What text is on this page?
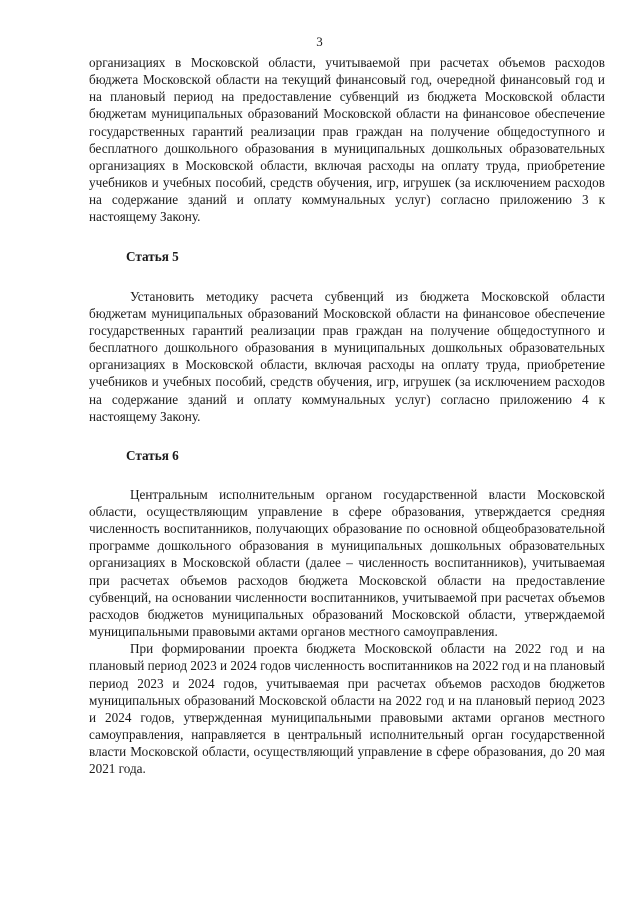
3

организациях в Московской области, учитываемой при расчетах объемов расходов бюджета Московской области на текущий финансовый год, очередной финансовый год и на плановый период на предоставление субвенций из бюджета Московской области бюджетам муниципальных образований Московской области на финансовое обеспечение государственных гарантий реализации прав граждан на получение общедоступного и бесплатного дошкольного образования в муниципальных дошкольных образовательных организациях в Московской области, включая расходы на оплату труда, приобретение учебников и учебных пособий, средств обучения, игр, игрушек (за исключением расходов на содержание зданий и оплату коммунальных услуг) согласно приложению 3 к настоящему Закону.

Статья 5

Установить методику расчета субвенций из бюджета Московской области бюджетам муниципальных образований Московской области на финансовое обеспечение государственных гарантий реализации прав граждан на получение общедоступного и бесплатного дошкольного образования в муниципальных дошкольных образовательных организациях в Московской области, включая расходы на оплату труда, приобретение учебников и учебных пособий, средств обучения, игр, игрушек (за исключением расходов на содержание зданий и оплату коммунальных услуг) согласно приложению 4 к настоящему Закону.

Статья 6

Центральным исполнительным органом государственной власти Московской области, осуществляющим управление в сфере образования, утверждается средняя численность воспитанников, получающих образование по основной общеобразовательной программе дошкольного образования в муниципальных дошкольных образовательных организациях в Московской области (далее – численность воспитанников), учитываемая при расчетах объемов расходов бюджета Московской области на предоставление субвенций, на основании численности воспитанников, учитываемой при расчетах объемов расходов бюджетов муниципальных образований Московской области, утверждаемой муниципальными правовыми актами органов местного самоуправления.

При формировании проекта бюджета Московской области на 2022 год и на плановый период 2023 и 2024 годов численность воспитанников на 2022 год и на плановый период 2023 и 2024 годов, учитываемая при расчетах объемов расходов бюджетов муниципальных образований Московской области на 2022 год и на плановый период 2023 и 2024 годов, утвержденная муниципальными правовыми актами органов местного самоуправления, направляется в центральный исполнительный орган государственной власти Московской области, осуществляющий управление в сфере образования, до 20 мая 2021 года.
